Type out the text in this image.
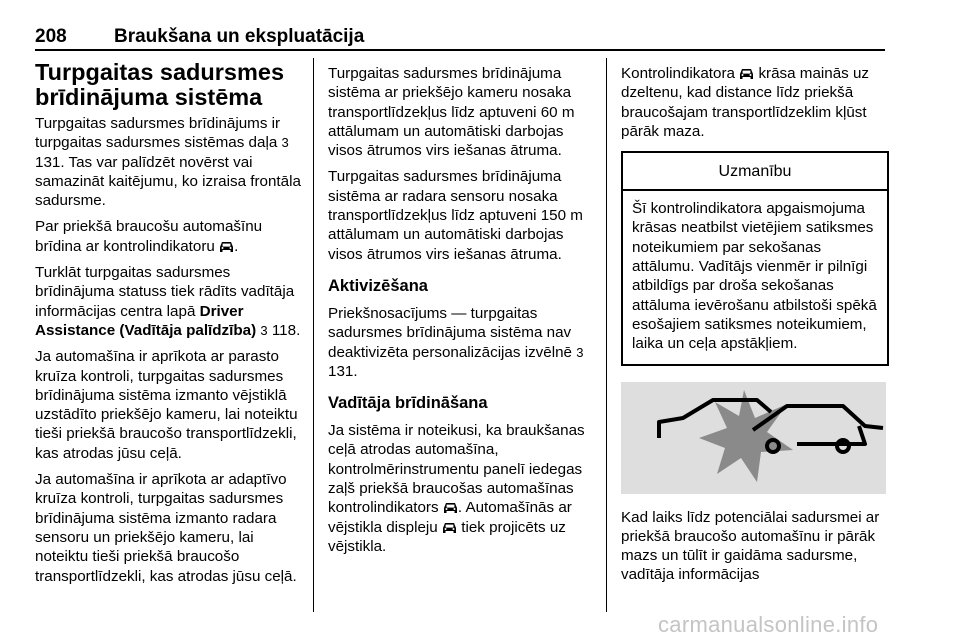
208 Braukšana un ekspluatācija
Turpgaitas sadursmes brīdinājuma sistēma

Turpgaitas sadursmes brīdinājums ir turpgaitas sadursmes sistēmas daļa 3 131. Tas var palīdzēt novērst vai samazināt kaitējumu, ko izraisa frontāla sadursme.

Par priekšā braucošu automašīnu brīdina ar kontrolindikatoru .

Turklāt turpgaitas sadursmes brīdinājuma statuss tiek rādīts vadītāja informācijas centra lapā Driver Assistance (Vadītāja palīdzība) 3 118.

Ja automašīna ir aprīkota ar parasto kruīza kontroli, turpgaitas sadursmes brīdinājuma sistēma izmanto vējstiklā uzstādīto priekšējo kameru, lai noteiktu tieši priekšā braucošo transportlīdzekli, kas atrodas jūsu ceļā.

Ja automašīna ir aprīkota ar adaptīvo kruīza kontroli, turpgaitas sadursmes brīdinājuma sistēma izmanto radara sensoru un priekšējo kameru, lai noteiktu tieši priekšā braucošo transportlīdzekli, kas atrodas jūsu ceļā.

Turpgaitas sadursmes brīdinājuma sistēma ar priekšējo kameru nosaka transportlīdzekļus līdz aptuveni 60 m attālumam un automātiski darbojas visos ātrumos virs iešanas ātruma.

Turpgaitas sadursmes brīdinājuma sistēma ar radara sensoru nosaka transportlīdzekļus līdz aptuveni 150 m attālumam un automātiski darbojas visos ātrumos virs iešanas ātruma.

Aktivizēšana

Priekšnosacījums — turpgaitas sadursmes brīdinājuma sistēma nav deaktivizēta personalizācijas izvēlnē 3 131.

Vadītāja brīdināšana

Ja sistēma ir noteikusi, ka braukšanas ceļā atrodas automašīna, kontrolmērinstrumentu panelī iedegas zaļš priekšā braucošas automašīnas kontrolindikators . Automašīnās ar vējstikla displeju tiek projicēts uz vējstikla.

Kontrolindikatora krāsa mainās uz dzeltenu, kad distance līdz priekšā braucošajam transportlīdzeklim kļūst pārāk maza.

Uzmanību
Šī kontrolindikatora apgaismojuma krāsas neatbilst vietējiem satiksmes noteikumiem par sekošanas attālumu. Vadītājs vienmēr ir pilnīgi atbildīgs par droša sekošanas attāluma ievērošanu atbilstoši spēkā esošajiem satiksmes noteikumiem, laika un ceļa apstākļiem.

Kad laiks līdz potenciālai sadursmei ar priekšā braucošo automašīnu ir pārāk mazs un tūlīt ir gaidāma sadursme, vadītāja informācijas

carmanualsonline.info
